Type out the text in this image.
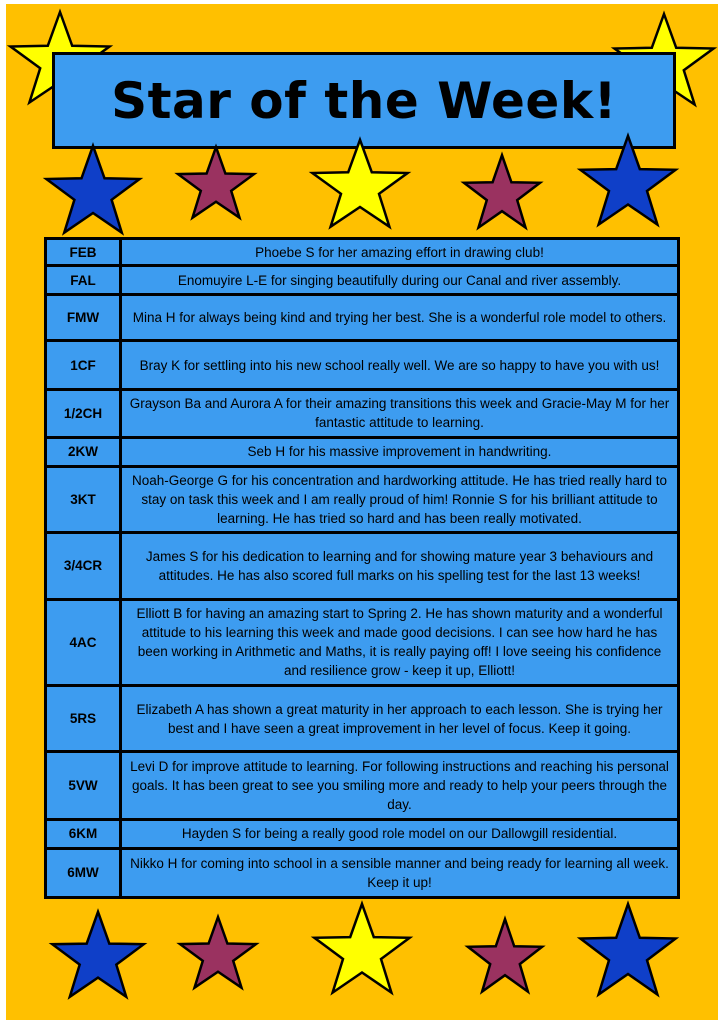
Star of the Week!
FEB	Phoebe S for her amazing effort in drawing club!
FAL	Enomuyire L-E for singing beautifully during our Canal and river assembly.
FMW	Mina H for always being kind and trying her best. She is a wonderful role model to others.
1CF	Bray K for settling into his new school really well. We are so happy to have you with us!
1/2CH	Grayson Ba and Aurora A for their amazing transitions this week and Gracie-May M for her fantastic attitude to learning.
2KW	Seb H for his massive improvement in handwriting.
3KT	Noah-George G for his concentration and hardworking attitude. He has tried really hard to stay on task this week and I am really proud of him! Ronnie S for his brilliant attitude to learning. He has tried so hard and has been really motivated.
3/4CR	James S for his dedication to learning and for showing mature year 3 behaviours and attitudes. He has also scored full marks on his spelling test for the last 13 weeks!
4AC	Elliott B for having an amazing start to Spring 2. He has shown maturity and a wonderful attitude to his learning this week and made good decisions. I can see how hard he has been working in Arithmetic and Maths, it is really paying off! I love seeing his confidence and resilience grow - keep it up, Elliott!
5RS	Elizabeth A has shown a great maturity in her approach to each lesson. She is trying her best and I have seen a great improvement in her level of focus. Keep it going.
5VW	Levi D for improve attitude to learning. For following instructions and reaching his personal goals. It has been great to see you smiling more and ready to help your peers through the day.
6KM	Hayden S for being a really good role model on our Dallowgill residential.
6MW	Nikko H for coming into school in a sensible manner and being ready for learning all week. Keep it up!
